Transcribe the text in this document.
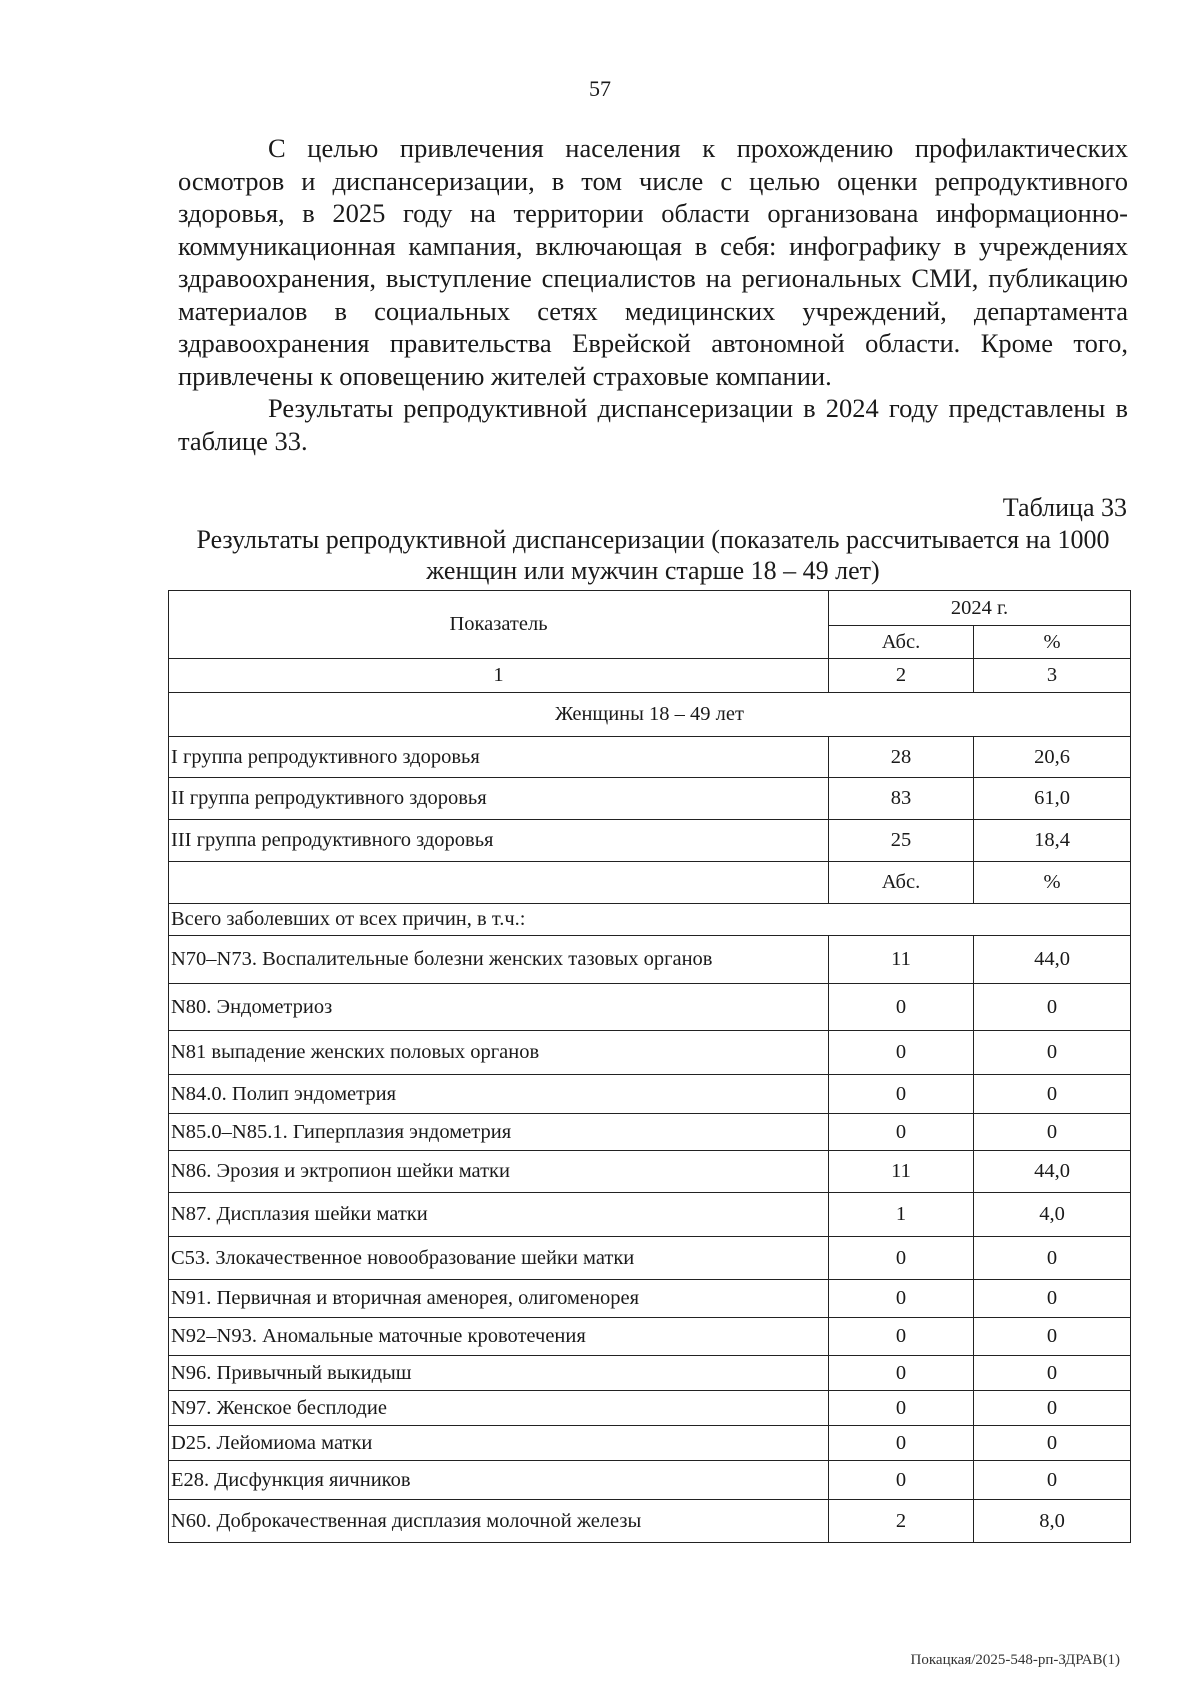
57

С целью привлечения населения к прохождению профилактических осмотров и диспансеризации, в том числе с целью оценки репродуктивного здоровья, в 2025 году на территории области организована информационно-коммуникационная кампания, включающая в себя: инфографику в учреждениях здравоохранения, выступление специалистов на региональных СМИ, публикацию материалов в социальных сетях медицинских учреждений, департамента здравоохранения правительства Еврейской автономной области. Кроме того, привлечены к оповещению жителей страховые компании.

Результаты репродуктивной диспансеризации в 2024 году представлены в таблице 33.

Таблица 33
Результаты репродуктивной диспансеризации (показатель рассчитывается на 1000 женщин или мужчин старше 18 – 49 лет)
Показатель	2024 г.	
	Абс.	%
1	2	3
Женщины 18 – 49 лет		
I группа репродуктивного здоровья	28	20,6
II группа репродуктивного здоровья	83	61,0
III группа репродуктивного здоровья	25	18,4
	Абс.	%
Всего заболевших от всех причин, в т.ч.:		
N70–N73. Воспалительные болезни женских тазовых органов	11	44,0
N80. Эндометриоз	0	0
N81 выпадение женских половых органов	0	0
N84.0. Полип эндометрия	0	0
N85.0–N85.1. Гиперплазия эндометрия	0	0
N86. Эрозия и эктропион шейки матки	11	44,0
N87. Дисплазия шейки матки	1	4,0
C53. Злокачественное новообразование шейки матки	0	0
N91. Первичная и вторичная аменорея, олигоменорея	0	0
N92–N93. Аномальные маточные кровотечения	0	0
N96. Привычный выкидыш	0	0
N97. Женское бесплодие	0	0
D25. Лейомиома матки	0	0
E28. Дисфункция яичников	0	0
N60. Доброкачественная дисплазия молочной железы	2	8,0
Покацкая/2025-548-рп-ЗДРАВ(1)
